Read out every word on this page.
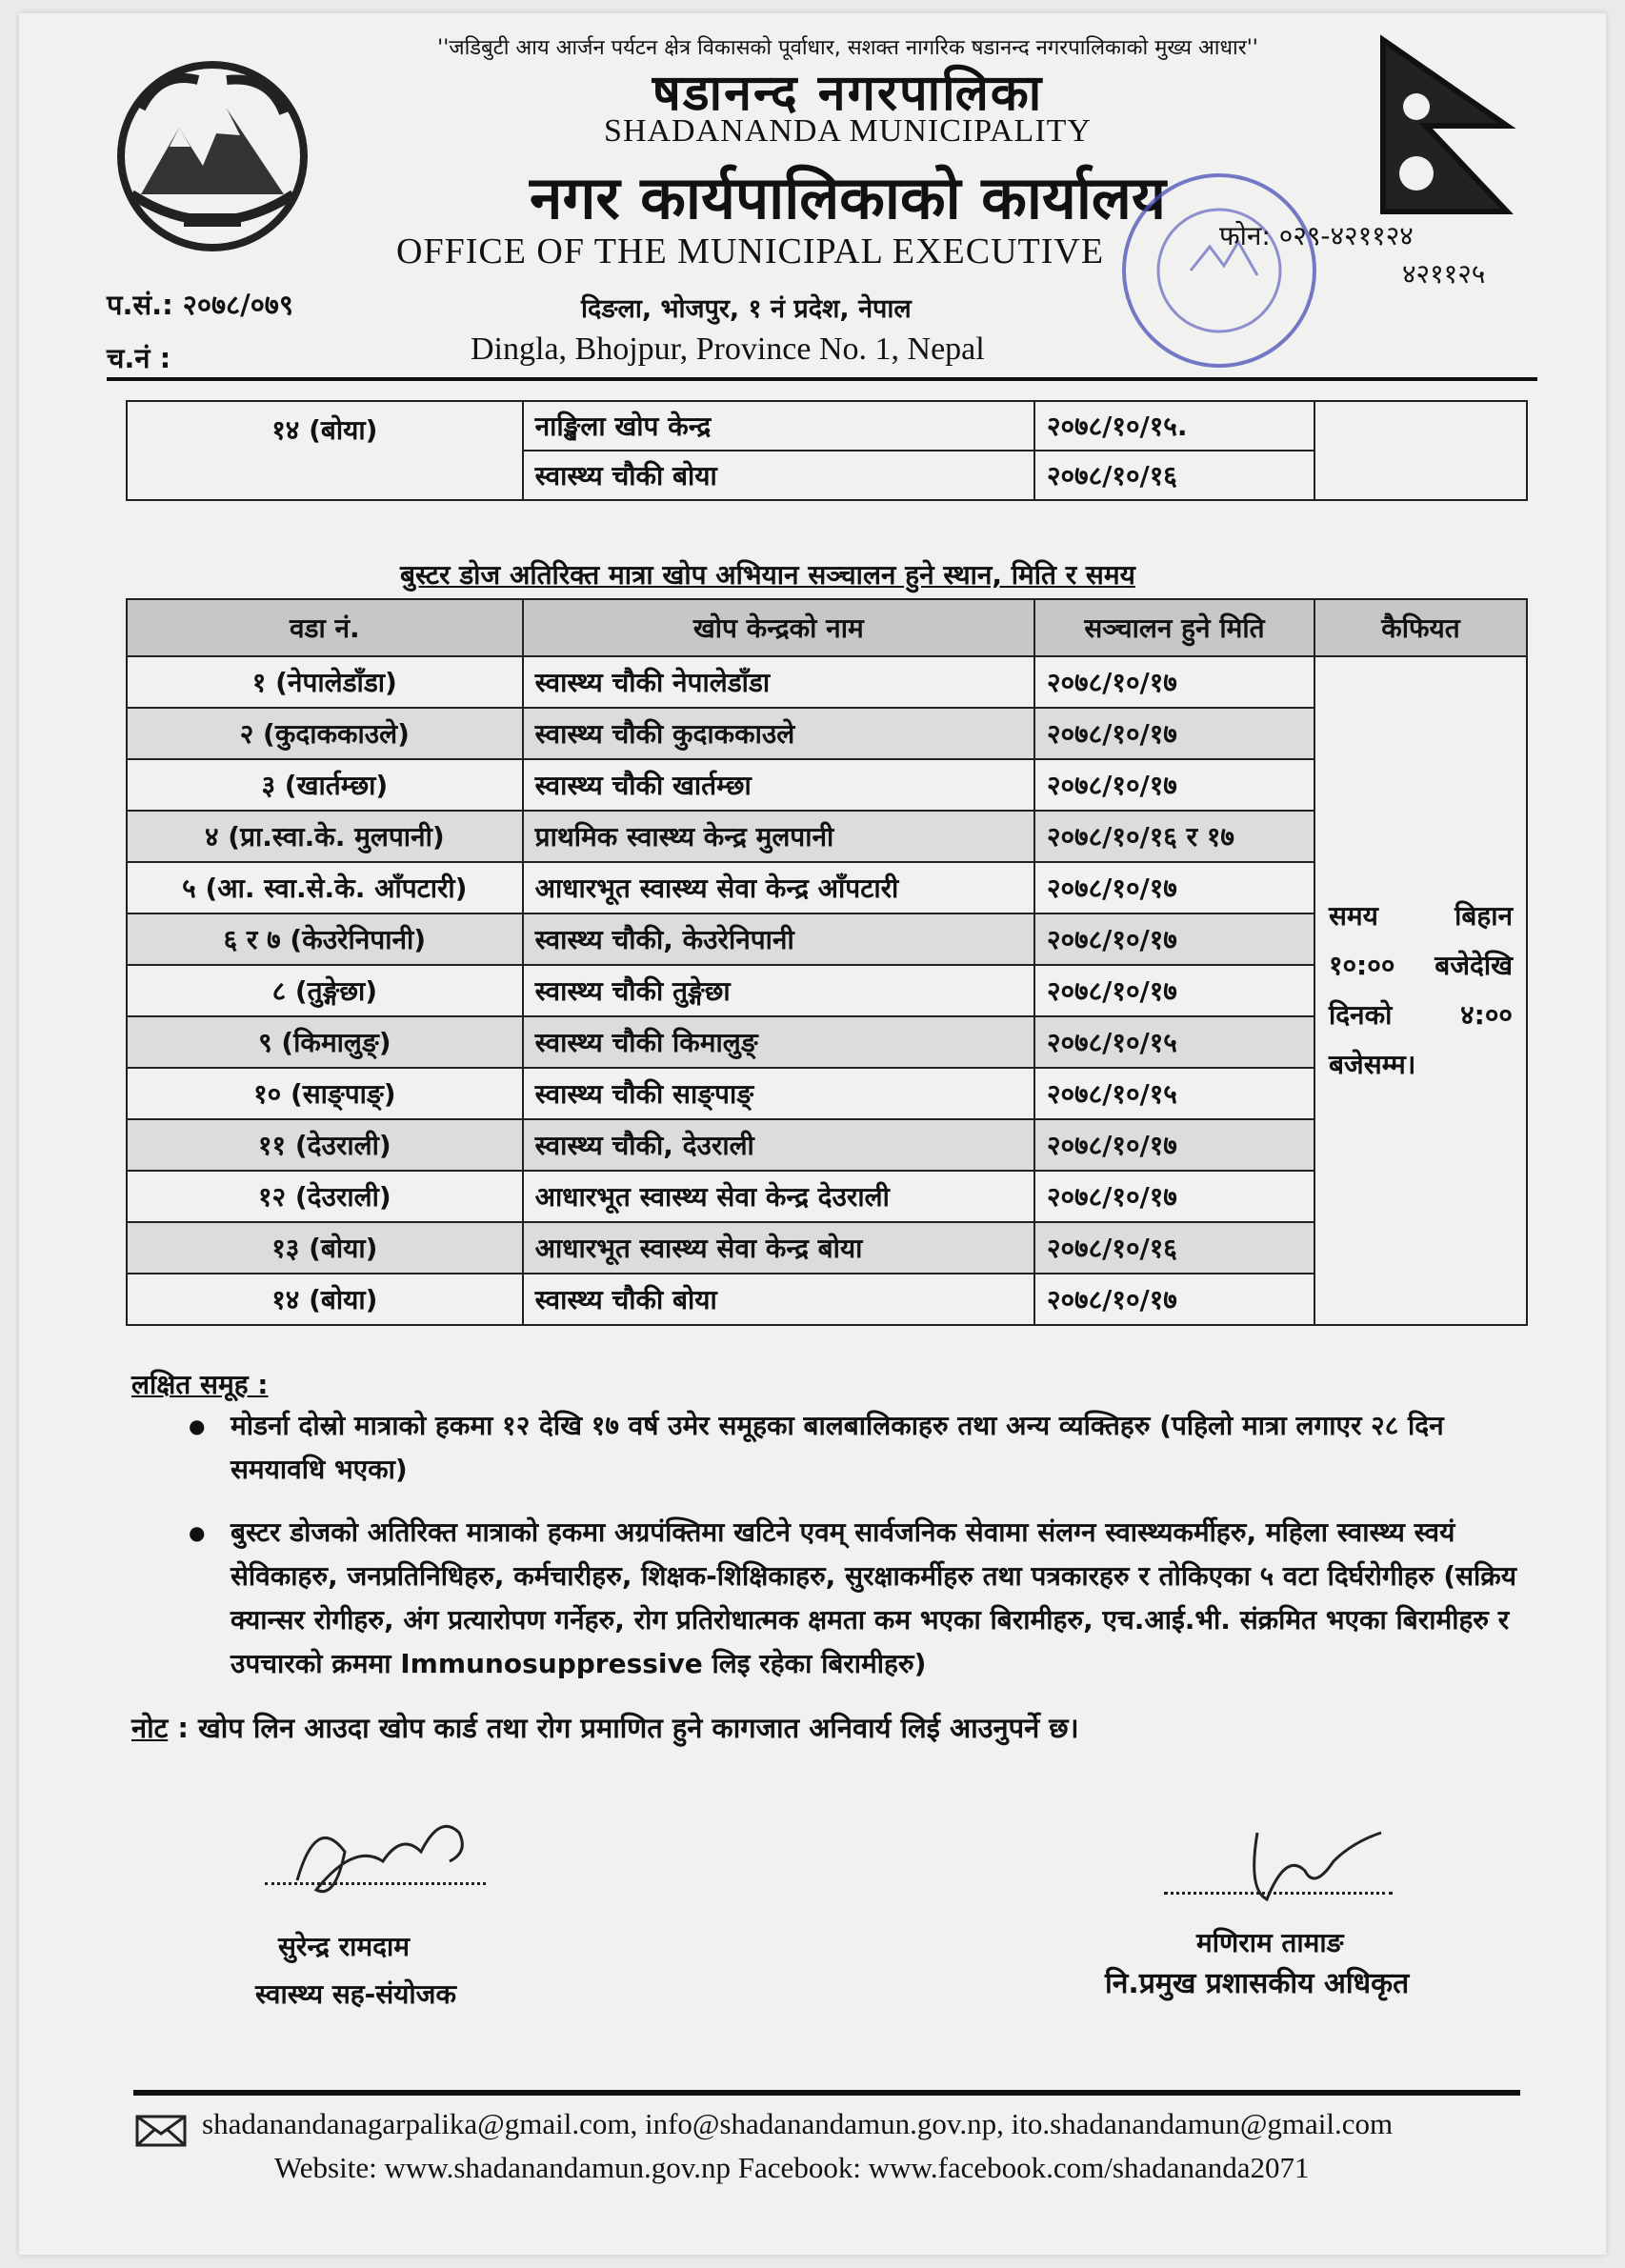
''जडिबुटी आय आर्जन पर्यटन क्षेत्र विकासको पूर्वाधार, सशक्त नागरिक षडानन्द नगरपालिकाको मुख्य आधार''
षडानन्द नगरपालिका
SHADANANDA MUNICIPALITY
नगर कार्यपालिकाको कार्यालय
OFFICE OF THE MUNICIPAL EXECUTIVE	फोन: ०२९-४२११२४
४२११२५
प.सं.: २०७८/०७९
च.नं :
दिङला, भोजपुर, १ नं प्रदेश, नेपाल
Dingla, Bhojpur, Province No. 1, Nepal
१४ (बोया)	नाङ्खिला खोप केन्द्र	२०७८/१०/१५.	
	स्वास्थ्य चौकी बोया	२०७८/१०/१६	
बुस्टर डोज अतिरिक्त मात्रा खोप अभियान सञ्चालन हुने स्थान, मिति र समय
वडा नं.	खोप केन्द्रको नाम	सञ्चालन हुने मिति	कैफियत
१ (नेपालेडाँडा)	स्वास्थ्य चौकी नेपालेडाँडा	२०७८/१०/१७	समय बिहान
१०:०० बजेदेखि
दिनको ४:००
बजेसम्म।

२ (कुदाककाउले)	स्वास्थ्य चौकी कुदाककाउले	२०७८/१०/१७	
३ (खार्तम्छा)	स्वास्थ्य चौकी खार्तम्छा	२०७८/१०/१७	
४ (प्रा.स्वा.के. मुलपानी)	प्राथमिक स्वास्थ्य केन्द्र मुलपानी	२०७८/१०/१६ र १७	
५ (आ. स्वा.से.के. आँपटारी)	आधारभूत स्वास्थ्य सेवा केन्द्र आँपटारी	२०७८/१०/१७	
६ र ७ (केउरेनिपानी)	स्वास्थ्य चौकी, केउरेनिपानी	२०७८/१०/१७	
८ (तुङ्गेछा)	स्वास्थ्य चौकी तुङ्गेछा	२०७८/१०/१७	
९ (किमालुङ्)	स्वास्थ्य चौकी किमालुङ्	२०७८/१०/१५	
१० (साङ्पाङ्)	स्वास्थ्य चौकी साङ्पाङ्	२०७८/१०/१५	
११ (देउराली)	स्वास्थ्य चौकी, देउराली	२०७८/१०/१७	
१२ (देउराली)	आधारभूत स्वास्थ्य सेवा केन्द्र देउराली	२०७८/१०/१७	
१३ (बोया)	आधारभूत स्वास्थ्य सेवा केन्द्र बोया	२०७८/१०/१६	
१४ (बोया)	स्वास्थ्य चौकी बोया	२०७८/१०/१७	
लक्षित समूह :
● मोडर्ना दोस्रो मात्राको हकमा १२ देखि १७ वर्ष उमेर समूहका बालबालिकाहरु तथा अन्य व्यक्तिहरु (पहिलो मात्रा लगाएर २८ दिन समयावधि भएका)
● बुस्टर डोजको अतिरिक्त मात्राको हकमा अग्रपंक्तिमा खटिने एवम् सार्वजनिक सेवामा संलग्न स्वास्थ्यकर्मीहरु, महिला स्वास्थ्य स्वयं सेविकाहरु, जनप्रतिनिधिहरु, कर्मचारीहरु, शिक्षक-शिक्षिकाहरु, सुरक्षाकर्मीहरु तथा पत्रकारहरु र तोकिएका ५ वटा दिर्घरोगीहरु (सक्रिय क्यान्सर रोगीहरु, अंग प्रत्यारोपण गर्नेहरु, रोग प्रतिरोधात्मक क्षमता कम भएका बिरामीहरु, एच.आई.भी. संक्रमित भएका बिरामीहरु र उपचारको क्रममा Immunosuppressive लिइ रहेका बिरामीहरु)
नोट : खोप लिन आउदा खोप कार्ड तथा रोग प्रमाणित हुने कागजात अनिवार्य लिई आउनुपर्ने छ।
सुरेन्द्र रामदाम
स्वास्थ्य सह-संयोजक
मणिराम तामाङ
नि.प्रमुख प्रशासकीय अधिकृत
shadanandanagarpalika@gmail.com, info@shadanandamun.gov.np, ito.shadanandamun@gmail.com
Website: www.shadanandamun.gov.np Facebook: www.facebook.com/shadananda2071
